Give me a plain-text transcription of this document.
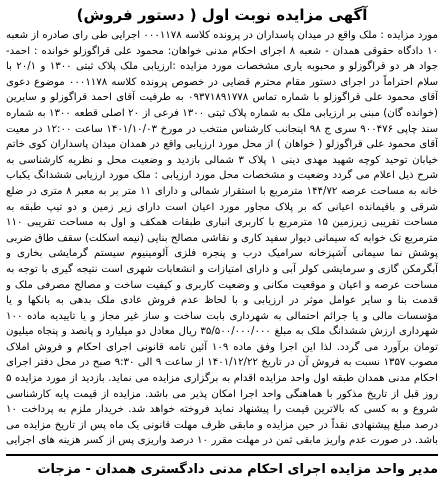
آگهی مزایده نوبت اول ( دستور فروش)

مورد مزایده : ملک واقع در میدان پاسداران در پرونده کلاسه ۰۰۰۱۱۷۸ اجرایی طی رای صادره از شعبه ۱۰ دادگاه حقوقی همدان - شعبه ۸ اجرای احکام مدنی خواهان: محمود علی قراگوزلو خوانده : احمد-جواد هر دو قراگوزلو و محبوبه یاری مشخصات مورد مزایده :ارزیابی ملک پلاک ثبتی ۱۳۰۰ و ۲۰/۱ با سلام احتراماً در اجرای دستور مقام محترم قضایی در خصوص پرونده کلاسه ۰۰۰۱۱۷۸ موضوع دعوی آقای محمود علی قراگوزلو با شماره تماس ۰۹۳۷۱۸۹۱۷۷۸ به طرفیت آقای احمد قراگوزلو و سایرین (خوانده گان) مبنی بر ارزیابی ملک به شماره پلاک ثبتی ۱۳۰۰ فرعی از ۲۰ اصلی قطعه ۱۳۰۰ به شماره سند چاپی ۹۰۰۴۷۶ سری ج ۹۸ اینجانب کارشناس منتخب در مورخ ۱۴۰۱/۱۰/۰۳ ساعت ۱۲:۰۰ در معیت آقای محمود علی قراگوزلو ( خواهان ) از محل مورد ارزیابی واقع در همدان میدان پاسداران کوی خاتم خیابان توحید کوچه شهید مهدی دینی ۱ پلاک ۳ شمالی بازدید و وضعیت محل و نظریه کارشناسی به شرح ذیل اعلام می گردد وضعیت و مشخصات محل مورد ارزیابی : ملک مورد ارزیابی ششدانگ یکباب خانه به مساحت عرصه ۱۴۴/۷۲ مترمربع با استقرار شمالی و دارای ۱۱ متر بر به معبر ۸ متری در ضلع شرقی و باقیمانده اعیانی که بر پلاک مجاور مورد اعیان است دارای زیر زمین و دو تیپ طبقه به مساحت تقریبی زیرزمین ۱۵ مترمربع با کاربری انباری طبقات همکف و اول به مساحت تقریبی ۱۱۰ مترمربع تک خوابه که سیمانی دیوار سفید کاری و نقاشی مصالح بنایی (نیمه اسکلت) سقف طاق ضربی پوشش نما سیمانی آشپزخانه سرامیک درب و پنجره فلزی آلومینیوم سیستم گرمایشی بخاری و آبگرمکن گازی و سرمایشی کولر آبی و دارای امتیازات و انشعابات شهری است نتیجه گیری با توجه به مساحت عرصه و اعیان و موقعیت مکانی و وضعیت کاربری و کیفیت ساخت و مصالح مصرفی ملک و قدمت بنا و سایر عوامل موثر در ارزیابی و با لحاظ عدم فروش عادی ملک بدهی به بانکها و یا مؤسسات مالی و یا جرائم احتمالی به شهرداری بابت ساخت و ساز غیر مجاز و یا تاییدیه ماده ۱۰۰ شهرداری ارزش ششدانگ ملک به مبلغ ۳۵/۵۰۰/۰۰۰/۰۰۰ ریال معادل دو میلیارد و پانصد و پنجاه میلیون تومان برآورد می گردد. لذا این اجرا وفق ماده ۱۰۹ آئین نامه قانونی اجرای احکام و فروش املاک مصوب ۱۳۵۷ نسبت به فروش آن در تاریخ ۱۴۰۱/۱۲/۲۲ از ساعت ۹ الی ۹:۳۰ صبح در محل دفتر اجرای احکام مدنی همدان طبقه اول واحد مزایده اقدام به برگزاری مزایده می نماید. بازدید از مورد مزایده ۵ روز قبل از تاریخ مذکور با هماهنگی واحد اجرا امکان پذیر می باشد. مزایده از قیمت پایه کارشناسی شروع و به کسی که بالاترین قیمت را پیشنهاد نماید فروخته خواهد شد. خریدار ملزم به پرداخت ۱۰ درصد مبلغ پیشنهادی نقداً در حین مزایده و مابقی ظرف مهلت قانونی یک ماه پس از تاریخ مزایده می باشد. در صورت عدم واریز مابقی ثمن در مهلت مقرر ۱۰ درصد واریزی پس از کسر هزینه های اجرایی

مدیر واحد مزایده اجرای احکام مدنی دادگستری همدان - مزجات
